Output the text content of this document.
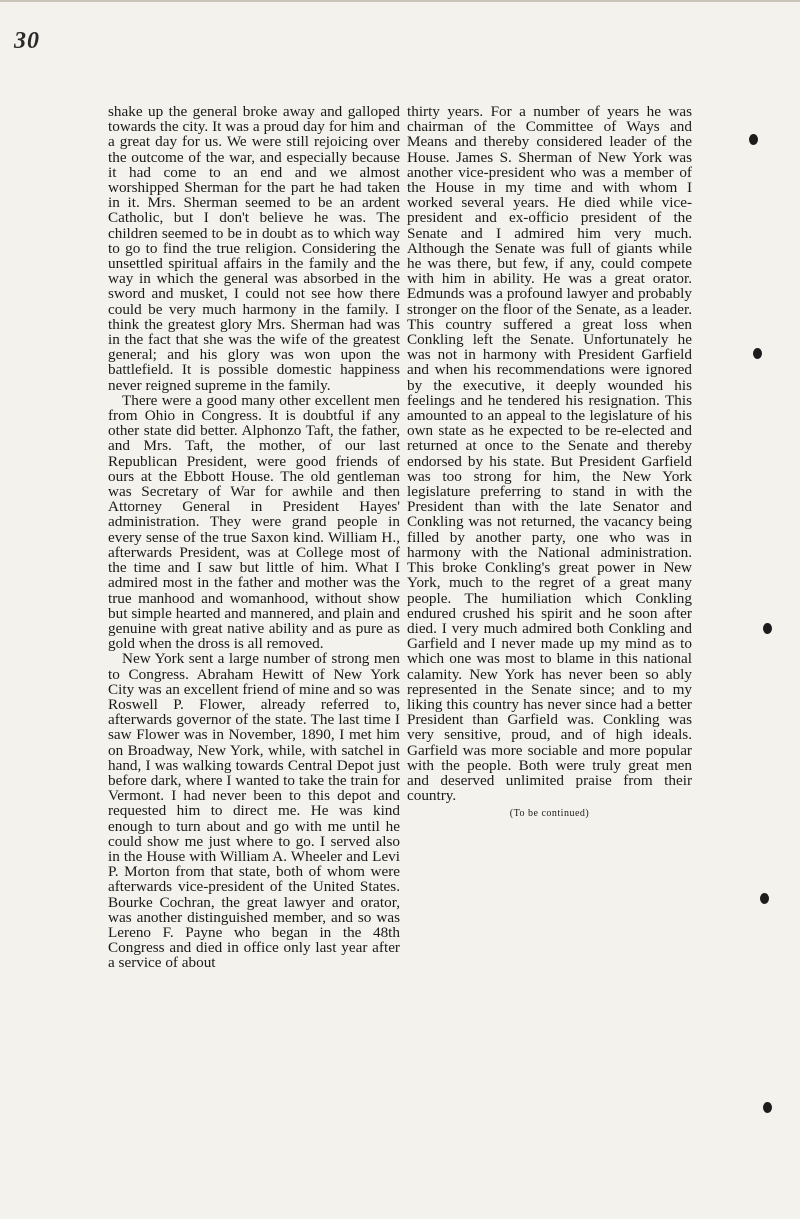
30

shake up the general broke away and galloped towards the city. It was a proud day for him and a great day for us. We were still rejoicing over the outcome of the war, and especially because it had come to an end and we almost worshipped Sherman for the part he had taken in it. Mrs. Sherman seemed to be an ardent Catholic, but I don't believe he was. The children seemed to be in doubt as to which way to go to find the true religion. Considering the unsettled spiritual affairs in the family and the way in which the general was absorbed in the sword and musket, I could not see how there could be very much harmony in the family. I think the greatest glory Mrs. Sherman had was in the fact that she was the wife of the greatest general; and his glory was won upon the battlefield. It is possible domestic happiness never reigned supreme in the family.

There were a good many other excellent men from Ohio in Congress. It is doubtful if any other state did better. Alphonzo Taft, the father, and Mrs. Taft, the mother, of our last Republican President, were good friends of ours at the Ebbott House. The old gentleman was Secretary of War for awhile and then Attorney General in President Hayes' administration. They were grand people in every sense of the true Saxon kind. William H., afterwards President, was at College most of the time and I saw but little of him. What I admired most in the father and mother was the true manhood and womanhood, without show but simple hearted and mannered, and plain and genuine with great native ability and as pure as gold when the dross is all removed.

New York sent a large number of strong men to Congress. Abraham Hewitt of New York City was an excellent friend of mine and so was Roswell P. Flower, already referred to, afterwards governor of the state. The last time I saw Flower was in November, 1890, I met him on Broadway, New York, while, with satchel in hand, I was walking towards Central Depot just before dark, where I wanted to take the train for Vermont. I had never been to this depot and requested him to direct me. He was kind enough to turn about and go with me until he could show me just where to go. I served also in the House with William A. Wheeler and Levi P. Morton from that state, both of whom were afterwards vice-president of the United States. Bourke Cochran, the great lawyer and orator, was another distinguished member, and so was Lereno F. Payne who began in the 48th Congress and died in office only last year after a service of about

thirty years. For a number of years he was chairman of the Committee of Ways and Means and thereby considered leader of the House. James S. Sherman of New York was another vice-president who was a member of the House in my time and with whom I worked several years. He died while vice-president and ex-officio president of the Senate and I admired him very much. Although the Senate was full of giants while he was there, but few, if any, could compete with him in ability. He was a great orator. Edmunds was a profound lawyer and probably stronger on the floor of the Senate, as a leader. This country suffered a great loss when Conkling left the Senate. Unfortunately he was not in harmony with President Garfield and when his recommendations were ignored by the executive, it deeply wounded his feelings and he tendered his resignation. This amounted to an appeal to the legislature of his own state as he expected to be re-elected and returned at once to the Senate and thereby endorsed by his state. But President Garfield was too strong for him, the New York legislature preferring to stand in with the President than with the late Senator and Conkling was not returned, the vacancy being filled by another party, one who was in harmony with the National administration. This broke Conkling's great power in New York, much to the regret of a great many people. The humiliation which Conkling endured crushed his spirit and he soon after died. I very much admired both Conkling and Garfield and I never made up my mind as to which one was most to blame in this national calamity. New York has never been so ably represented in the Senate since; and to my liking this country has never since had a better President than Garfield was. Conkling was very sensitive, proud, and of high ideals. Garfield was more sociable and more popular with the people. Both were truly great men and deserved unlimited praise from their country.

(To be continued)
